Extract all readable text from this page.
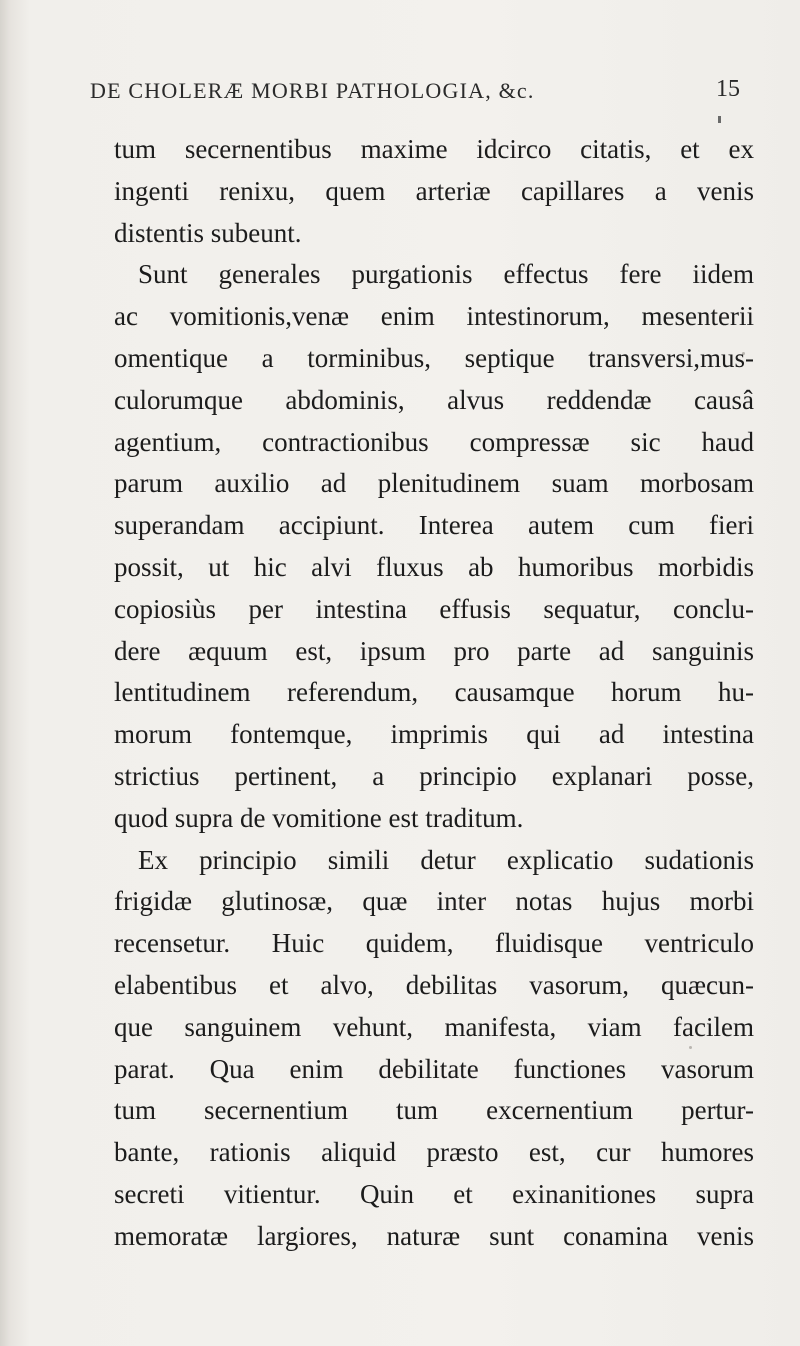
DE CHOLERÆ MORBI PATHOLOGIA, &c.	15
tum secernentibus maxime idcirco citatis, et ex
ingenti renixu, quem arteriæ capillares a venis
distentis subeunt.
Sunt generales purgationis effectus fere iidem
ac vomitionis,venæ enim intestinorum, mesenterii
omentique a torminibus, septique transversi,mus-
culorumque abdominis, alvus reddendæ causâ
agentium, contractionibus compressæ sic haud
parum auxilio ad plenitudinem suam morbosam
superandam accipiunt. Interea autem cum fieri
possit, ut hic alvi fluxus ab humoribus morbidis
copiosiùs per intestina effusis sequatur, conclu-
dere æquum est, ipsum pro parte ad sanguinis
lentitudinem referendum, causamque horum hu-
morum fontemque, imprimis qui ad intestina
strictius pertinent, a principio explanari posse,
quod supra de vomitione est traditum.
Ex principio simili detur explicatio sudationis
frigidæ glutinosæ, quæ inter notas hujus morbi
recensetur. Huic quidem, fluidisque ventriculo
elabentibus et alvo, debilitas vasorum, quæcun-
que sanguinem vehunt, manifesta, viam facilem
parat. Qua enim debilitate functiones vasorum
tum secernentium tum excernentium pertur-
bante, rationis aliquid præsto est, cur humores
secreti vitientur. Quin et exinanitiones supra
memoratæ largiores, naturæ sunt conamina venis
